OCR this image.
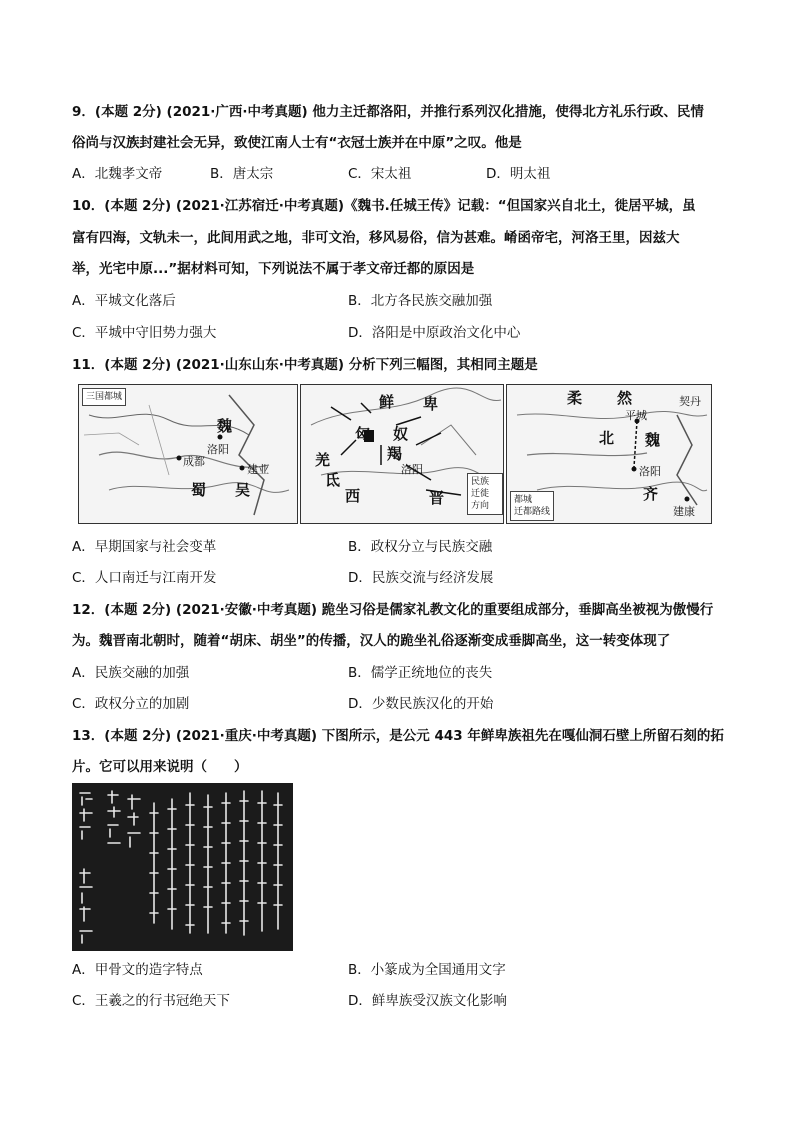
9．(本题 2分) (2021·广西·中考真题) 他力主迁都洛阳，并推行系列汉化措施，使得北方礼乐行政、民情
俗尚与汉族封建社会无异，致使江南人士有“衣冠士族并在中原”之叹。他是
A．北魏孝文帝	B．唐太宗	C．宋太祖	D．明太祖
10．(本题 2分) (2021·江苏宿迁·中考真题)《魏书.任城王传》记载：“但国家兴自北土，徙居平城，虽
富有四海，文轨未一，此间用武之地，非可文治，移风易俗，信为甚难。崤函帝宅，河洛王里，因兹大
举，光宅中原...”据材料可知，下列说法不属于孝文帝迁都的原因是
A．平城文化落后	B．北方各民族交融加强
C．平城中守旧势力强大	D．洛阳是中原政治文化中心
11．(本题 2分) (2021·山东山东·中考真题) 分析下列三幅图，其相同主题是
三国都城
魏
洛阳
成都
建业
蜀 吴
鲜 卑
匈 奴
羯
洛阳
氐
羌
西	晋
民族
迁徙
方向
柔 然	契丹
平城
北 魏
洛阳
齐
建康
都城
迁都路线
A．早期国家与社会变革	B．政权分立与民族交融
C．人口南迁与江南开发	D．民族交流与经济发展
12．(本题 2分) (2021·安徽·中考真题) 跪坐习俗是儒家礼教文化的重要组成部分，垂脚高坐被视为傲慢行
为。魏晋南北朝时，随着“胡床、胡坐”的传播，汉人的跪坐礼俗逐渐变成垂脚高坐，这一转变体现了
A．民族交融的加强	B．儒学正统地位的丧失
C．政权分立的加剧	D．少数民族汉化的开始
13．(本题 2分) (2021·重庆·中考真题) 下图所示，是公元 443 年鲜卑族祖先在嘎仙洞石壁上所留石刻的拓
片。它可以用来说明（　　）
A．甲骨文的造字特点	B．小篆成为全国通用文字
C．王羲之的行书冠绝天下	D．鲜卑族受汉族文化影响
